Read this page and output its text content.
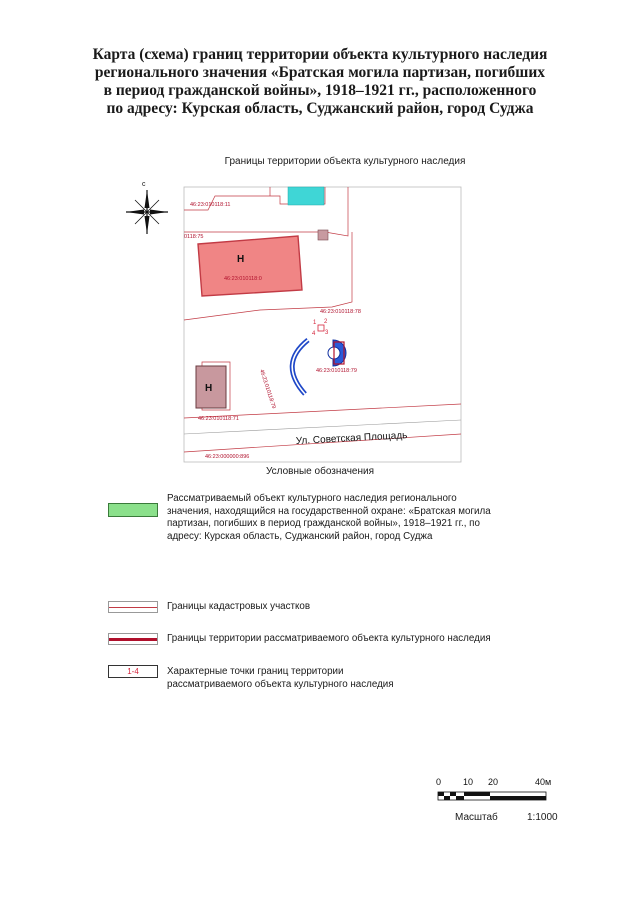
Карта (схема) границ территории объекта культурного наследия
регионального значения «Братская могила партизан, погибших
в период гражданской войны», 1918–1921 гг., расположенного
по адресу: Курская область, Суджанский район, город Суджа
Границы территории объекта культурного наследия
с
Н
Н
1 2
3
4
46:23:010118:11
0118:75
46:23:010118:0
46:23:010118:78
46:23:010118:79	46:23:010118:79
46:23:010118:71
46:23:000000:896
Ул. Советская Площадь
Условные обозначения
Рассматриваемый объект культурного наследия регионального
значения, находящийся на государственной охране: «Братская могила
партизан, погибших в период гражданской войны», 1918–1921 гг., по
адресу: Курская область, Суджанский район, город Суджа
Границы кадастровых участков
Границы территории рассматриваемого объекта культурного наследия
1-4	Характерные точки границ территории
рассматриваемого объекта культурного наследия
0 10 20	40м
Масштаб	1:1000
